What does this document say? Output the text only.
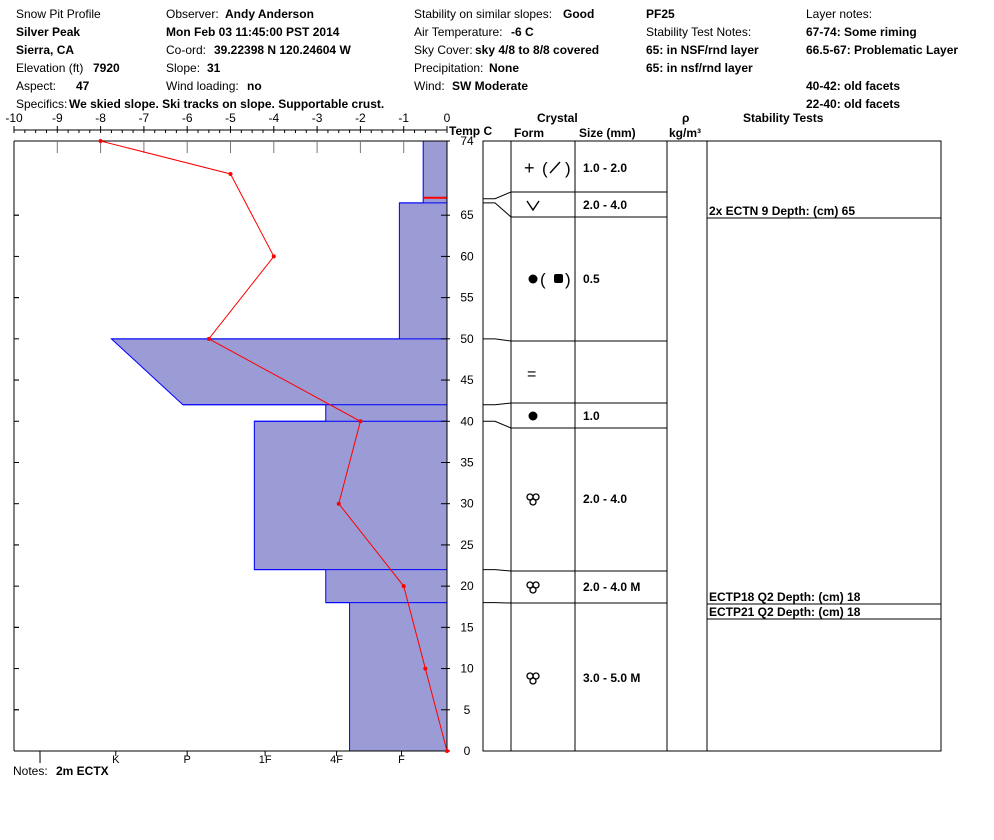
Snow Pit Profile
Silver Peak
Sierra, CA
Elevation (ft) 7920
Aspect: 47
Observer: Andy Anderson
Mon Feb 03 11:45:00 PST 2014
Co-ord: 39.22398 N 120.24604 W
Slope: 31
Wind loading: no
Stability on similar slopes: Good
Air Temperature: -6 C
Sky Cover: sky 4/8 to 8/8 covered
Precipitation: None
Wind: SW Moderate
PF25
Stability Test Notes:
65: in NSF/rnd layer
65: in nsf/rnd layer
Layer notes:
67-74: Some riming
66.5-67: Problematic Layer
40-42: old facets
22-40: old facets
Specifics: We skied slope. Ski tracks on slope. Supportable crust.
Notes: 2m ECTX
Temp C
Crystal
Form	Size (mm)
ρ
kg/m³
Stability Tests
-10 -9	-8	-7	-6	-5	-4	-3	-2	-1	0
0
5
10
15
20
25
30
35
40
45
50
55
60
65
74
I	K	P	1F	4F	F
+ ( ) 1.0 - 2.0
2.0 - 4.0
( ) 0.5
=
1.0
2.0 - 4.0
2.0 - 4.0 M
3.0 - 5.0 M
2x ECTN 9 Depth: (cm) 65
ECTP18 Q2 Depth: (cm) 18
ECTP21 Q2 Depth: (cm) 18
